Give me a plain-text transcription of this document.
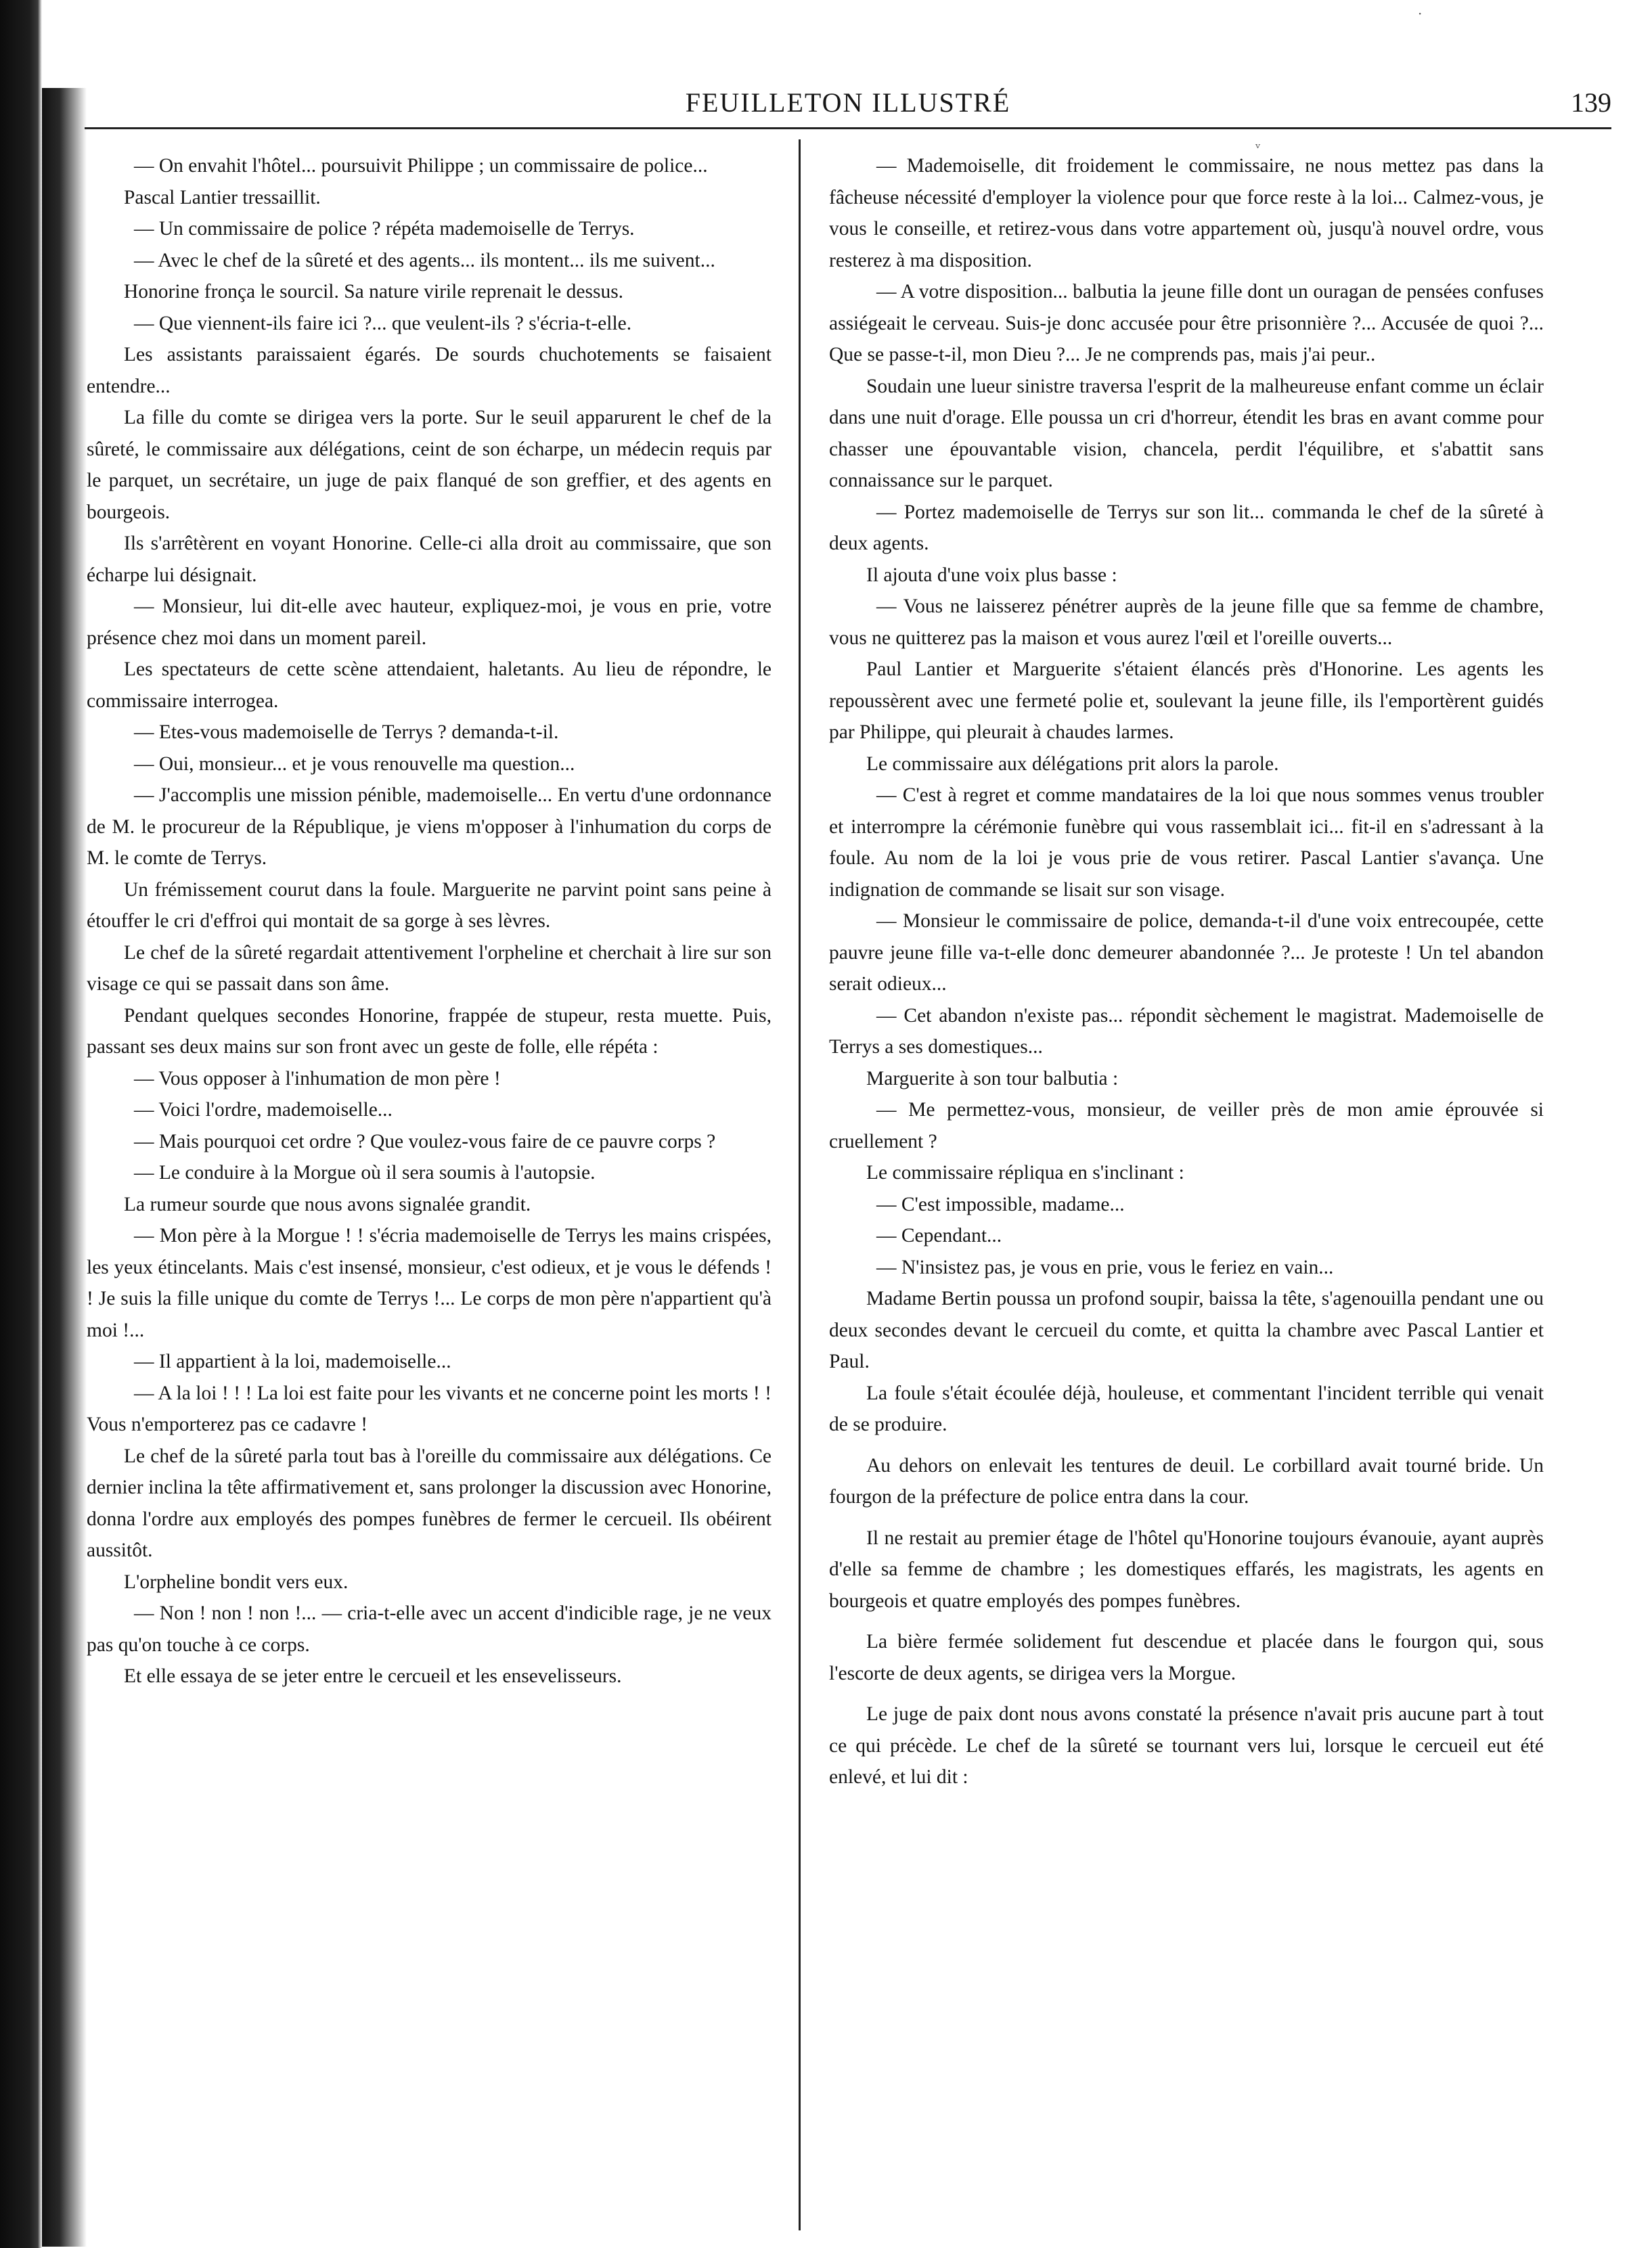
FEUILLETON ILLUSTRÉ	139

— On envahit l'hôtel... poursuivit Philippe ; un commissaire de police...

Pascal Lantier tressaillit.

— Un commissaire de police ? répéta mademoiselle de Terrys.

— Avec le chef de la sûreté et des agents... ils montent... ils me suivent...

Honorine fronça le sourcil. Sa nature virile reprenait le dessus.

— Que viennent-ils faire ici ?... que veulent-ils ? s'écria-t-elle.

Les assistants paraissaient égarés. De sourds chuchotements se faisaient entendre...

La fille du comte se dirigea vers la porte. Sur le seuil apparurent le chef de la sûreté, le commissaire aux délégations, ceint de son écharpe, un médecin requis par le parquet, un secrétaire, un juge de paix flanqué de son greffier, et des agents en bourgeois.

Ils s'arrêtèrent en voyant Honorine. Celle-ci alla droit au commissaire, que son écharpe lui désignait.

— Monsieur, lui dit-elle avec hauteur, expliquez-moi, je vous en prie, votre présence chez moi dans un moment pareil.

Les spectateurs de cette scène attendaient, haletants. Au lieu de répondre, le commissaire interrogea.

— Etes-vous mademoiselle de Terrys ? demanda-t-il.

— Oui, monsieur... et je vous renouvelle ma question...

— J'accomplis une mission pénible, mademoiselle... En vertu d'une ordonnance de M. le procureur de la République, je viens m'opposer à l'inhumation du corps de M. le comte de Terrys.

Un frémissement courut dans la foule. Marguerite ne parvint point sans peine à étouffer le cri d'effroi qui montait de sa gorge à ses lèvres.

Le chef de la sûreté regardait attentivement l'orpheline et cherchait à lire sur son visage ce qui se passait dans son âme.

Pendant quelques secondes Honorine, frappée de stupeur, resta muette. Puis, passant ses deux mains sur son front avec un geste de folle, elle répéta :

— Vous opposer à l'inhumation de mon père !

— Voici l'ordre, mademoiselle...

— Mais pourquoi cet ordre ? Que voulez-vous faire de ce pauvre corps ?

— Le conduire à la Morgue où il sera soumis à l'autopsie.

La rumeur sourde que nous avons signalée grandit.

— Mon père à la Morgue ! ! s'écria mademoiselle de Terrys les mains crispées, les yeux étincelants. Mais c'est insensé, monsieur, c'est odieux, et je vous le défends ! ! Je suis la fille unique du comte de Terrys !... Le corps de mon père n'appartient qu'à moi !...

— Il appartient à la loi, mademoiselle...

— A la loi ! ! ! La loi est faite pour les vivants et ne concerne point les morts ! ! Vous n'emporterez pas ce cadavre !

Le chef de la sûreté parla tout bas à l'oreille du commissaire aux délégations. Ce dernier inclina la tête affirmativement et, sans prolonger la discussion avec Honorine, donna l'ordre aux employés des pompes funèbres de fermer le cercueil. Ils obéirent aussitôt.

L'orpheline bondit vers eux.

— Non ! non ! non !... — cria-t-elle avec un accent d'indicible rage, je ne veux pas qu'on touche à ce corps.

Et elle essaya de se jeter entre le cercueil et les ensevelisseurs.

— Mademoiselle, dit froidement le commissaire, ne nous mettez pas dans la fâcheuse nécessité d'employer la violence pour que force reste à la loi... Calmez-vous, je vous le conseille, et retirez-vous dans votre appartement où, jusqu'à nouvel ordre, vous resterez à ma disposition.

— A votre disposition... balbutia la jeune fille dont un ouragan de pensées confuses assiégeait le cerveau. Suis-je donc accusée pour être prisonnière ?... Accusée de quoi ?... Que se passe-t-il, mon Dieu ?... Je ne comprends pas, mais j'ai peur..

Soudain une lueur sinistre traversa l'esprit de la malheureuse enfant comme un éclair dans une nuit d'orage. Elle poussa un cri d'horreur, étendit les bras en avant comme pour chasser une épouvantable vision, chancela, perdit l'équilibre, et s'abattit sans connaissance sur le parquet.

— Portez mademoiselle de Terrys sur son lit... commanda le chef de la sûreté à deux agents.

Il ajouta d'une voix plus basse :

— Vous ne laisserez pénétrer auprès de la jeune fille que sa femme de chambre, vous ne quitterez pas la maison et vous aurez l'œil et l'oreille ouverts...

Paul Lantier et Marguerite s'étaient élancés près d'Honorine. Les agents les repoussèrent avec une fermeté polie et, soulevant la jeune fille, ils l'emportèrent guidés par Philippe, qui pleurait à chaudes larmes.

Le commissaire aux délégations prit alors la parole.

— C'est à regret et comme mandataires de la loi que nous sommes venus troubler et interrompre la cérémonie funèbre qui vous rassemblait ici... fit-il en s'adressant à la foule. Au nom de la loi je vous prie de vous retirer. Pascal Lantier s'avança. Une indignation de commande se lisait sur son visage.

— Monsieur le commissaire de police, demanda-t-il d'une voix entrecoupée, cette pauvre jeune fille va-t-elle donc demeurer abandonnée ?... Je proteste ! Un tel abandon serait odieux...

— Cet abandon n'existe pas... répondit sèchement le magistrat. Mademoiselle de Terrys a ses domestiques...

Marguerite à son tour balbutia :

— Me permettez-vous, monsieur, de veiller près de mon amie éprouvée si cruellement ?

Le commissaire répliqua en s'inclinant :

— C'est impossible, madame...

— Cependant...

— N'insistez pas, je vous en prie, vous le feriez en vain...

Madame Bertin poussa un profond soupir, baissa la tête, s'agenouilla pendant une ou deux secondes devant le cercueil du comte, et quitta la chambre avec Pascal Lantier et Paul.

La foule s'était écoulée déjà, houleuse, et commentant l'incident terrible qui venait de se produire.

Au dehors on enlevait les tentures de deuil. Le corbillard avait tourné bride. Un fourgon de la préfecture de police entra dans la cour.

Il ne restait au premier étage de l'hôtel qu'Honorine toujours évanouie, ayant auprès d'elle sa femme de chambre ; les domestiques effarés, les magistrats, les agents en bourgeois et quatre employés des pompes funèbres.

La bière fermée solidement fut descendue et placée dans le fourgon qui, sous l'escorte de deux agents, se dirigea vers la Morgue.

Le juge de paix dont nous avons constaté la présence n'avait pris aucune part à tout ce qui précède. Le chef de la sûreté se tournant vers lui, lorsque le cercueil eut été enlevé, et lui dit :

·
ᵥ
